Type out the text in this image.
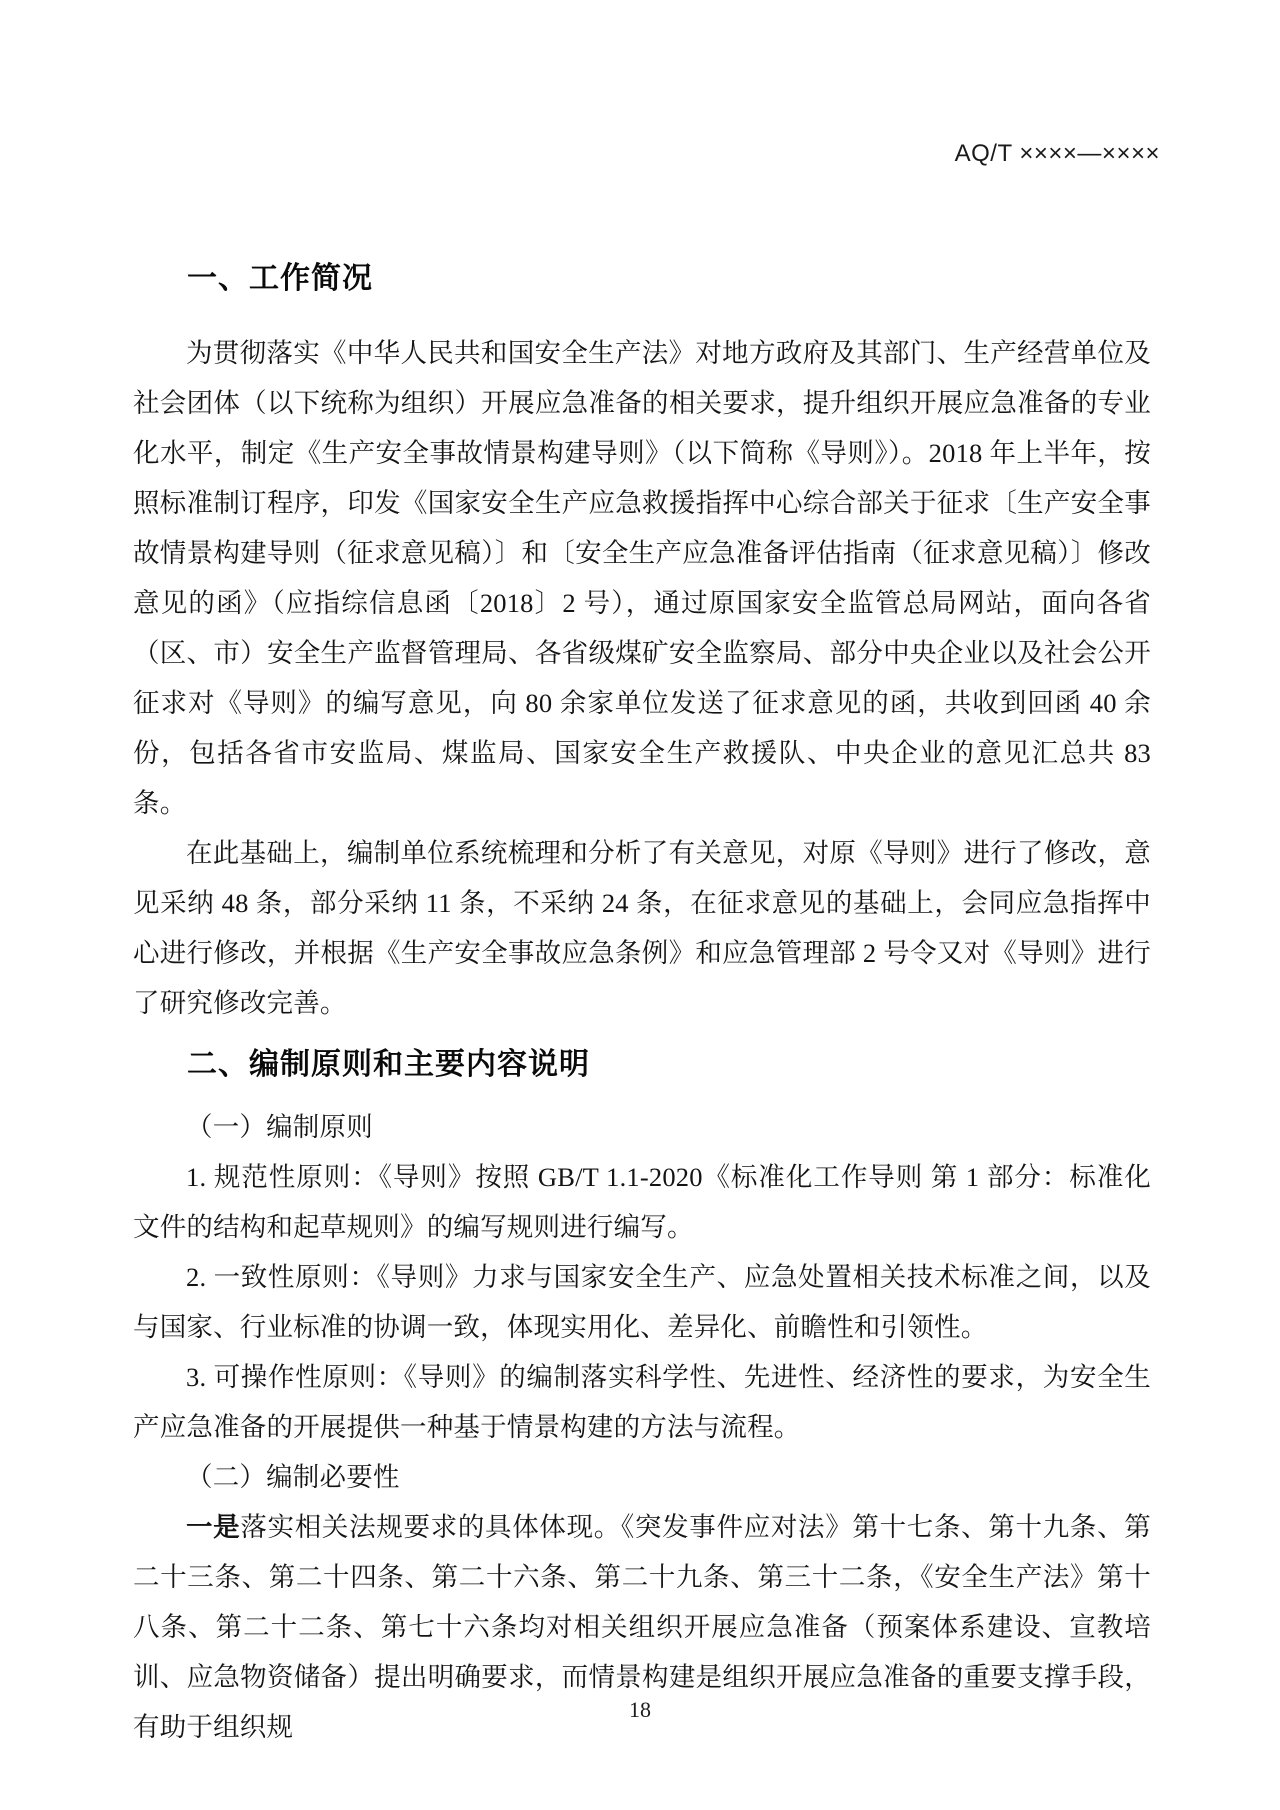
AQ/T ××××—××××
一、工作简况

为贯彻落实《中华人民共和国安全生产法》对地方政府及其部门、生产经营单位及社会团体（以下统称为组织）开展应急准备的相关要求，提升组织开展应急准备的专业化水平，制定《生产安全事故情景构建导则》（以下简称《导则》）。2018 年上半年，按照标准制订程序，印发《国家安全生产应急救援指挥中心综合部关于征求〔生产安全事故情景构建导则（征求意见稿）〕和〔安全生产应急准备评估指南（征求意见稿）〕修改意见的函》（应指综信息函〔2018〕2 号），通过原国家安全监管总局网站，面向各省（区、市）安全生产监督管理局、各省级煤矿安全监察局、部分中央企业以及社会公开征求对《导则》的编写意见，向 80 余家单位发送了征求意见的函，共收到回函 40 余份，包括各省市安监局、煤监局、国家安全生产救援队、中央企业的意见汇总共 83 条。

在此基础上，编制单位系统梳理和分析了有关意见，对原《导则》进行了修改，意见采纳 48 条，部分采纳 11 条，不采纳 24 条，在征求意见的基础上，会同应急指挥中心进行修改，并根据《生产安全事故应急条例》和应急管理部 2 号令又对《导则》进行了研究修改完善。

二、编制原则和主要内容说明

（一）编制原则

1. 规范性原则：《导则》按照 GB/T 1.1-2020《标准化工作导则 第 1 部分：标准化文件的结构和起草规则》的编写规则进行编写。

2. 一致性原则：《导则》力求与国家安全生产、应急处置相关技术标准之间，以及与国家、行业标准的协调一致，体现实用化、差异化、前瞻性和引领性。

3. 可操作性原则：《导则》的编制落实科学性、先进性、经济性的要求，为安全生产应急准备的开展提供一种基于情景构建的方法与流程。

（二）编制必要性

一是落实相关法规要求的具体体现。《突发事件应对法》第十七条、第十九条、第二十三条、第二十四条、第二十六条、第二十九条、第三十二条，《安全生产法》第十八条、第二十二条、第七十六条均对相关组织开展应急准备（预案体系建设、宣教培训、应急物资储备）提出明确要求，而情景构建是组织开展应急准备的重要支撑手段，有助于组织规

18
